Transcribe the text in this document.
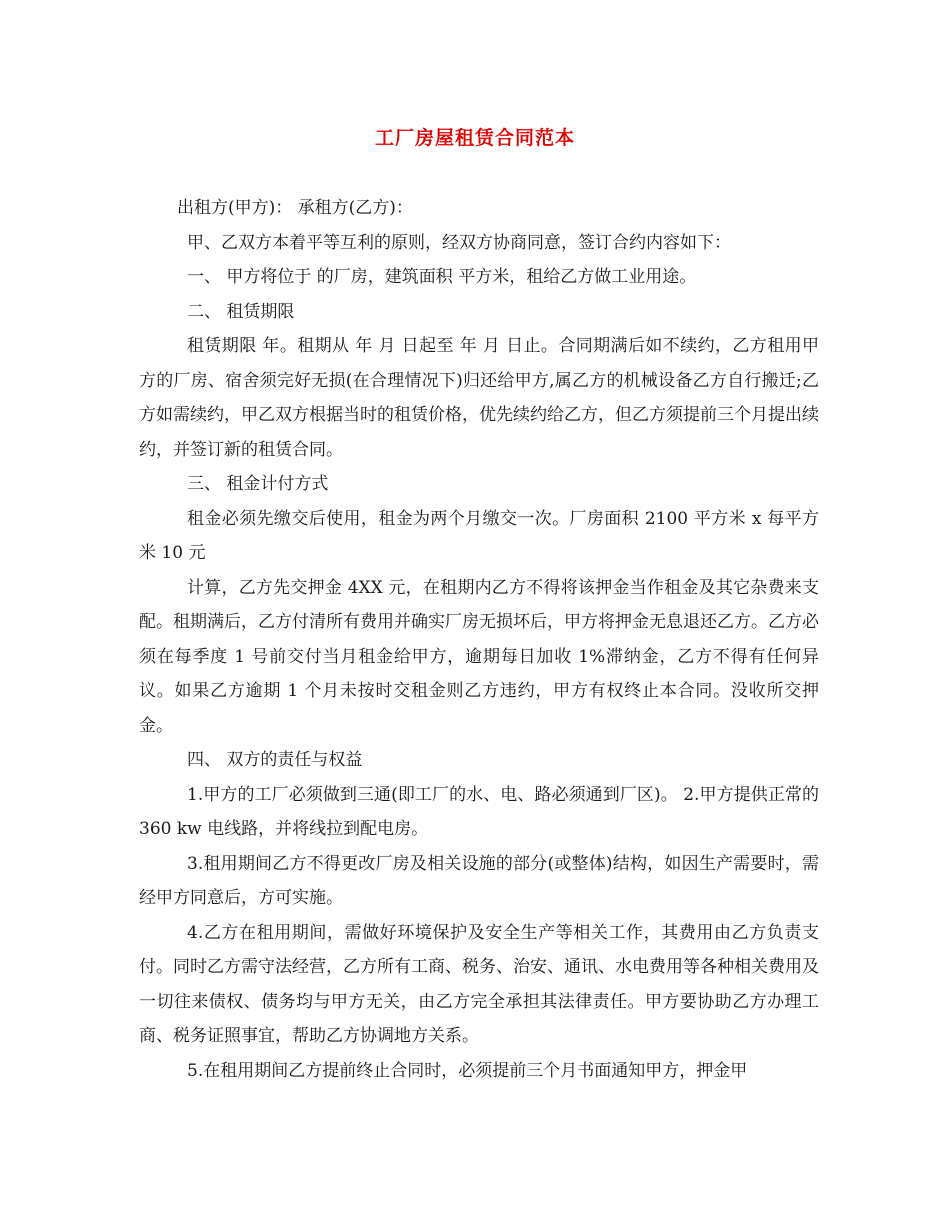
工厂房屋租赁合同范本

出租方(甲方)： 承租方(乙方)：

甲、乙双方本着平等互利的原则，经双方协商同意，签订合约内容如下：

一、 甲方将位于 的厂房，建筑面积 平方米，租给乙方做工业用途。

二、 租赁期限

租赁期限 年。租期从 年 月 日起至 年 月 日止。合同期满后如不续约，乙方租用甲方的厂房、宿舍须完好无损(在合理情况下)归还给甲方,属乙方的机械设备乙方自行搬迁;乙方如需续约，甲乙双方根据当时的租赁价格，优先续约给乙方，但乙方须提前三个月提出续约，并签订新的租赁合同。

三、 租金计付方式

租金必须先缴交后使用，租金为两个月缴交一次。厂房面积 2100 平方米 x 每平方米 10 元

计算，乙方先交押金 4XX 元，在租期内乙方不得将该押金当作租金及其它杂费来支配。租期满后，乙方付清所有费用并确实厂房无损坏后，甲方将押金无息退还乙方。乙方必须在每季度 1 号前交付当月租金给甲方，逾期每日加收 1%滞纳金，乙方不得有任何异议。如果乙方逾期 1 个月未按时交租金则乙方违约，甲方有权终止本合同。没收所交押金。

四、 双方的责任与权益

1.甲方的工厂必须做到三通(即工厂的水、电、路必须通到厂区)。 2.甲方提供正常的 360 kw 电线路，并将线拉到配电房。

3.租用期间乙方不得更改厂房及相关设施的部分(或整体)结构，如因生产需要时，需经甲方同意后，方可实施。

4.乙方在租用期间，需做好环境保护及安全生产等相关工作，其费用由乙方负责支付。同时乙方需守法经营，乙方所有工商、税务、治安、通讯、水电费用等各种相关费用及一切往来债权、债务均与甲方无关，由乙方完全承担其法律责任。甲方要协助乙方办理工商、税务证照事宜，帮助乙方协调地方关系。

5.在租用期间乙方提前终止合同时，必须提前三个月书面通知甲方，押金甲
